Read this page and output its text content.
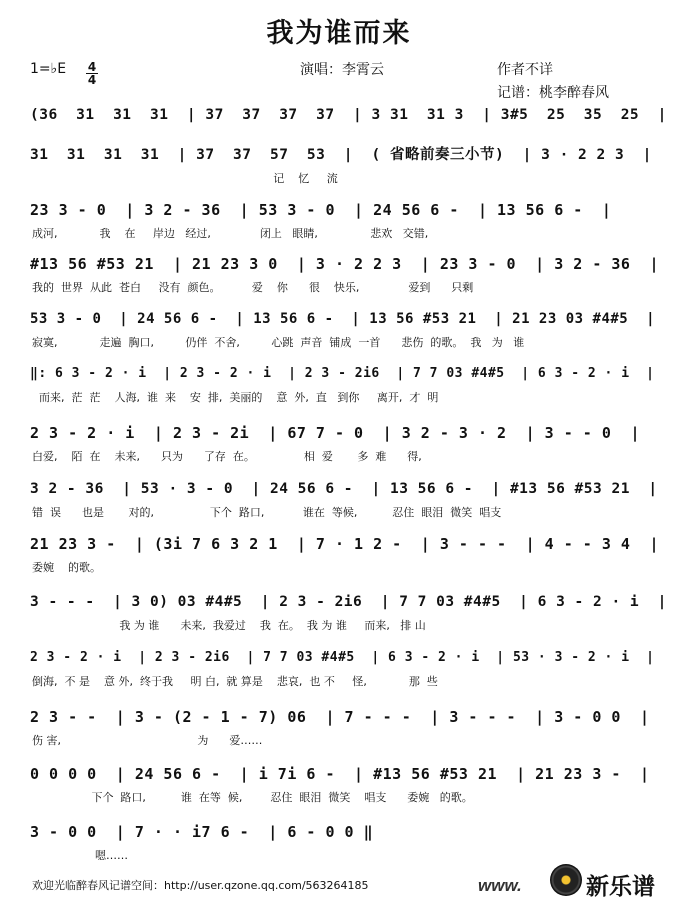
我为谁而来
1=♭E 4
4
演唱：李霄云	作者不详
记谱：桃李醉春风
(36  31  31  31  | 37  37  37  37  | 3 31  31 3  | 3#5  25  35  25  |
31  31  31  31  | 37  37  57  53  |  ( 省略前奏三小节)  | 3 · 2 2 3  |
记    忆     流
23 3 - 0  | 3 2 - 36  | 53 3 - 0  | 24 56 6 -  | 13 56 6 -  |
成河,            我    在     岸边   经过,              闭上   眼睛,               悲欢   交错,
#13 56 #53 21  | 21 23 3 0  | 3 · 2 2 3  | 23 3 - 0  | 3 2 - 36  |
我的  世界  从此  苍白     没有  颜色。         爱    你      很    快乐,              爱到      只剩
53 3 - 0  | 24 56 6 -  | 13 56 6 -  | 13 56 #53 21  | 21 23 03 #4#5  |
寂寞,            走遍  胸口,         仍伴  不舍,         心跳  声音  铺成  一首      悲伤  的歌。  我   为   谁
‖: 6 3 - 2 · i  | 2 3 - 2 · i  | 2 3 - 2i6  | 7 7 03 #4#5  | 6 3 - 2 · i  |
而来,  茫  茫    人海,  谁  来    安  排,  美丽的    意  外,  直   到你     离开,  才  明
2 3 - 2 · i  | 2 3 - 2i  | 67 7 - 0  | 3 2 - 3 · 2  | 3 - - 0  |
白爱,    陌  在    未来,      只为      了存  在。              相  爱       多  难      得,
3 2 - 36  | 53 · 3 - 0  | 24 56 6 -  | 13 56 6 -  | #13 56 #53 21  |
错  误      也是       对的,                下个  路口,           谁在  等候,          忍住  眼泪  微笑  唱支
21 23 3 -  | (3i 7 6 3 2 1  | 7 · 1 2 -  | 3 - - -  | 4 - - 3 4  |
委婉    的歌。
3 - - -  | 3 0) 03 #4#5  | 2 3 - 2i6  | 7 7 03 #4#5  | 6 3 - 2 · i  |
我 为 谁      未来,  我爱过    我  在。  我 为 谁     而来,   排 山
2 3 - 2 · i  | 2 3 - 2i6  | 7 7 03 #4#5  | 6 3 - 2 · i  | 53 · 3 - 2 · i  |
倒海,  不 是    意 外,  终于我     明 白,  就 算是    悲哀,  也 不     怪,            那  些
2 3 - -  | 3 - (2 - 1 - 7) 06  | 7 - - -  | 3 - - -  | 3 - 0 0  |
伤 害,                                       为      爱……
0 0 0 0  | 24 56 6 -  | i 7i 6 -  | #13 56 #53 21  | 21 23 3 -  |
下个  路口,          谁  在等  候,        忍住  眼泪  微笑    唱支      委婉   的歌。
3 - 0 0  | 7 · · i7 6 -  | 6 - 0 0 ‖
嗯……
欢迎光临醉春风记谱空间：http://user.qzone.qq.com/563264185	www.	新乐谱
